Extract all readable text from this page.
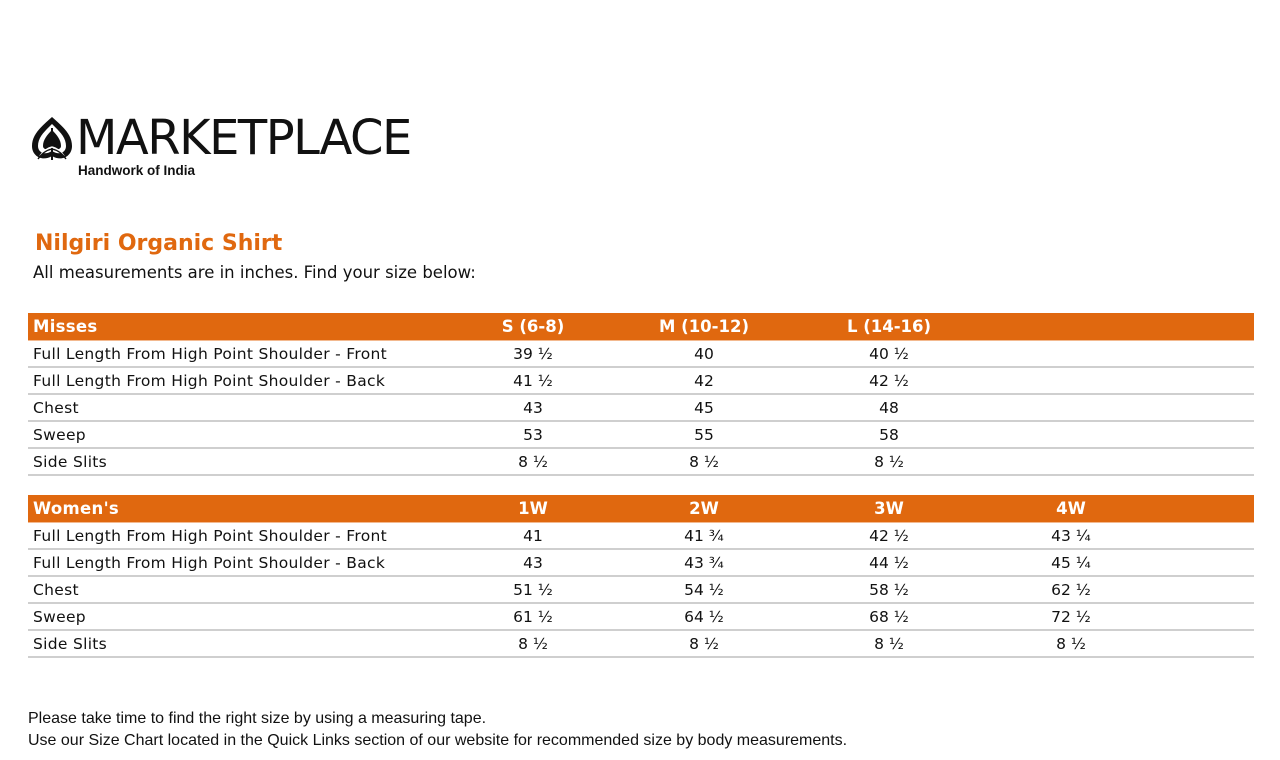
MARKETPLACE
Handwork of India
Nilgiri Organic Shirt
All measurements are in inches. Find your size below:
Misses	S (6-8)	M (10-12)	L (14-16)
Full Length From High Point Shoulder - Front	39 ½	40	40 ½
Full Length From High Point Shoulder - Back	41 ½	42	42 ½
Chest	43	45	48
Sweep	53	55	58
Side Slits	8 ½	8 ½	8 ½
Women's	1W	2W	3W	4W
Full Length From High Point Shoulder - Front	41	41 ¾	42 ½	43 ¼
Full Length From High Point Shoulder - Back	43	43 ¾	44 ½	45 ¼
Chest	51 ½	54 ½	58 ½	62 ½
Sweep	61 ½	64 ½	68 ½	72 ½
Side Slits	8 ½	8 ½	8 ½	8 ½
Please take time to find the right size by using a measuring tape.
Use our Size Chart located in the Quick Links section of our website for recommended size by body measurements.
